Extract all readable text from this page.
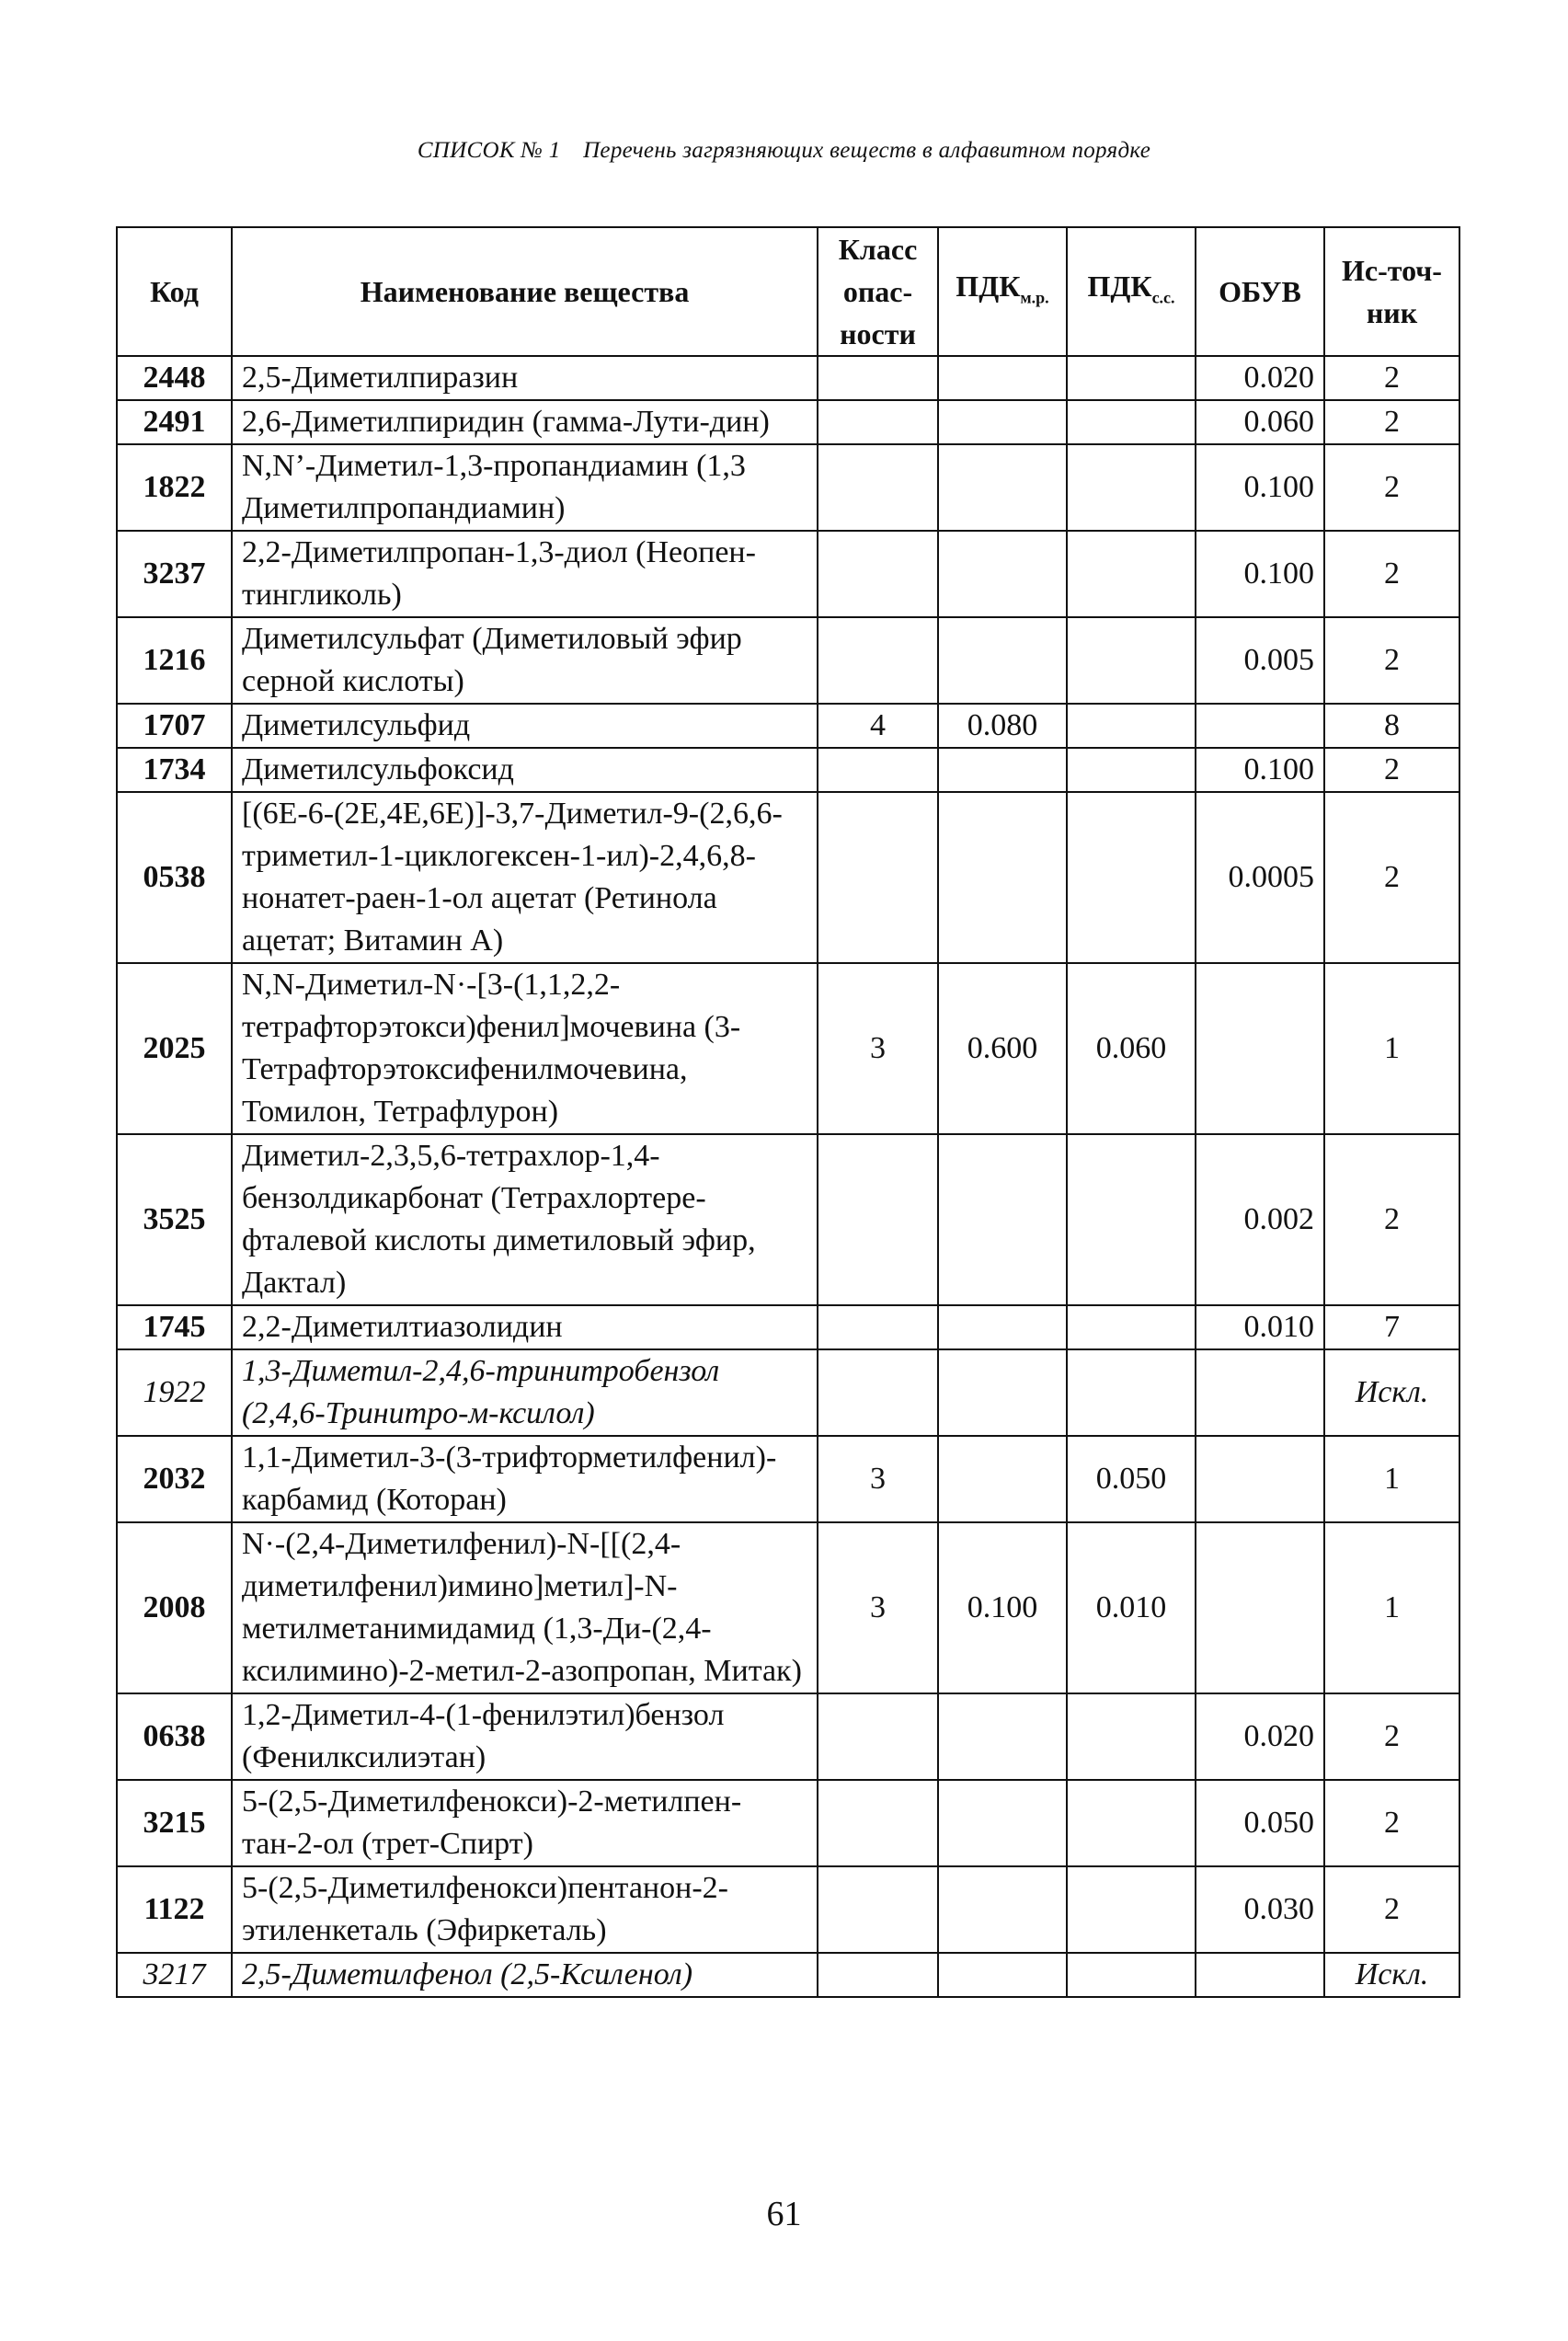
СПИСОК № 1 Перечень загрязняющих веществ в алфавитном порядке
Код	Наименование вещества	Класс опас-ности	$ПДК_{м.р.}$	$ПДК_{с.с.}$	ОБУВ	Ис-точ-ник
2448	2,5-Диметилпиразин				0.020	2
2491	2,6-Диметилпиридин (гамма-Лути-дин)				0.060	2
1822	N,N’-Диметил-1,3-пропандиамин (1,3 Диметилпропандиамин)				0.100	2
3237	2,2-Диметилпропан-1,3-диол (Неопен-тингликоль)				0.100	2
1216	Диметилсульфат (Диметиловый эфир серной кислоты)				0.005	2
1707	Диметилсульфид	4	0.080			8
1734	Диметилсульфоксид				0.100	2
0538	[(6E-6-(2E,4E,6E)]-3,7-Диметил-9-(2,6,6-триметил-1-циклогексен-1-ил)-2,4,6,8-нонатет-раен-1-ол ацетат (Ретинола ацетат; Витамин А)				0.0005	2
2025	N,N-Диметил-N·-[3-(1,1,2,2-тетрафторэтокси)фенил]мочевина (3-Тетрафторэтоксифенилмочевина, Томилон, Тетрафлурон)	3	0.600	0.060		1
3525	Диметил-2,3,5,6-тетрахлор-1,4-бензолдикарбонат (Тетрахлортере-фталевой кислоты диметиловый эфир, Дактал)				0.002	2
1745	2,2-Диметилтиазолидин				0.010	7
1922	1,3-Диметил-2,4,6-тринитробензол (2,4,6-Тринитро-м-ксилол)					Искл.
2032	1,1-Диметил-3-(3-трифторметилфенил)-карбамид (Которан)	3		0.050		1
2008	N·-(2,4-Диметилфенил)-N-[[(2,4-диметилфенил)имино]метил]-N-метилметанимидамид (1,3-Ди-(2,4-ксилимино)-2-метил-2-азопропан, Митак)	3	0.100	0.010		1
0638	1,2-Диметил-4-(1-фенилэтил)бензол (Фенилксилиэтан)				0.020	2
3215	5-(2,5-Диметилфенокси)-2-метилпен-тан-2-ол (трет-Спирт)				0.050	2
1122	5-(2,5-Диметилфенокси)пентанон-2-этиленкеталь (Эфиркеталь)				0.030	2
3217	2,5-Диметилфенол (2,5-Ксиленол)					Искл.
61
